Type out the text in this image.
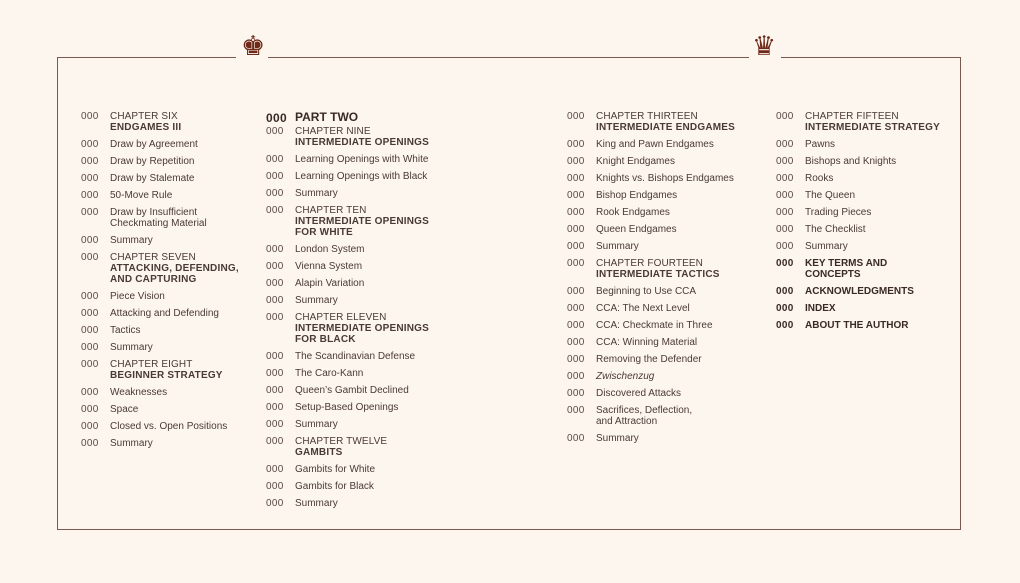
♚	♛
000 CHAPTER SIX
ENDGAMES III
000 Draw by Agreement
000 Draw by Repetition
000 Draw by Stalemate
000 50-Move Rule
000 Draw by Insufficient
Checkmating Material
000 Summary
000 CHAPTER SEVEN
ATTACKING, DEFENDING,
AND CAPTURING
000 Piece Vision
000 Attacking and Defending
000 Tactics
000 Summary
000 CHAPTER EIGHT
BEGINNER STRATEGY
000 Weaknesses
000 Space
000 Closed vs. Open Positions
000 Summary
000 PART TWO
000 CHAPTER NINE
INTERMEDIATE OPENINGS
000 Learning Openings with White
000 Learning Openings with Black
000 Summary
000 CHAPTER TEN
INTERMEDIATE OPENINGS
FOR WHITE
000 London System
000 Vienna System
000 Alapin Variation
000 Summary
000 CHAPTER ELEVEN
INTERMEDIATE OPENINGS
FOR BLACK
000 The Scandinavian Defense
000 The Caro-Kann
000 Queen’s Gambit Declined
000 Setup-Based Openings
000 Summary
000 CHAPTER TWELVE
GAMBITS
000 Gambits for White
000 Gambits for Black
000 Summary
000 CHAPTER THIRTEEN
INTERMEDIATE ENDGAMES
000 King and Pawn Endgames
000 Knight Endgames
000 Knights vs. Bishops Endgames
000 Bishop Endgames
000 Rook Endgames
000 Queen Endgames
000 Summary
000 CHAPTER FOURTEEN
INTERMEDIATE TACTICS
000 Beginning to Use CCA
000 CCA: The Next Level
000 CCA: Checkmate in Three
000 CCA: Winning Material
000 Removing the Defender
000 Zwischenzug
000 Discovered Attacks
000 Sacrifices, Deflection,
and Attraction
000 Summary
000 CHAPTER FIFTEEN
INTERMEDIATE STRATEGY
000 Pawns
000 Bishops and Knights
000 Rooks
000 The Queen
000 Trading Pieces
000 The Checklist
000 Summary
000 KEY TERMS AND
CONCEPTS
000 ACKNOWLEDGMENTS
000 INDEX
000 ABOUT THE AUTHOR
